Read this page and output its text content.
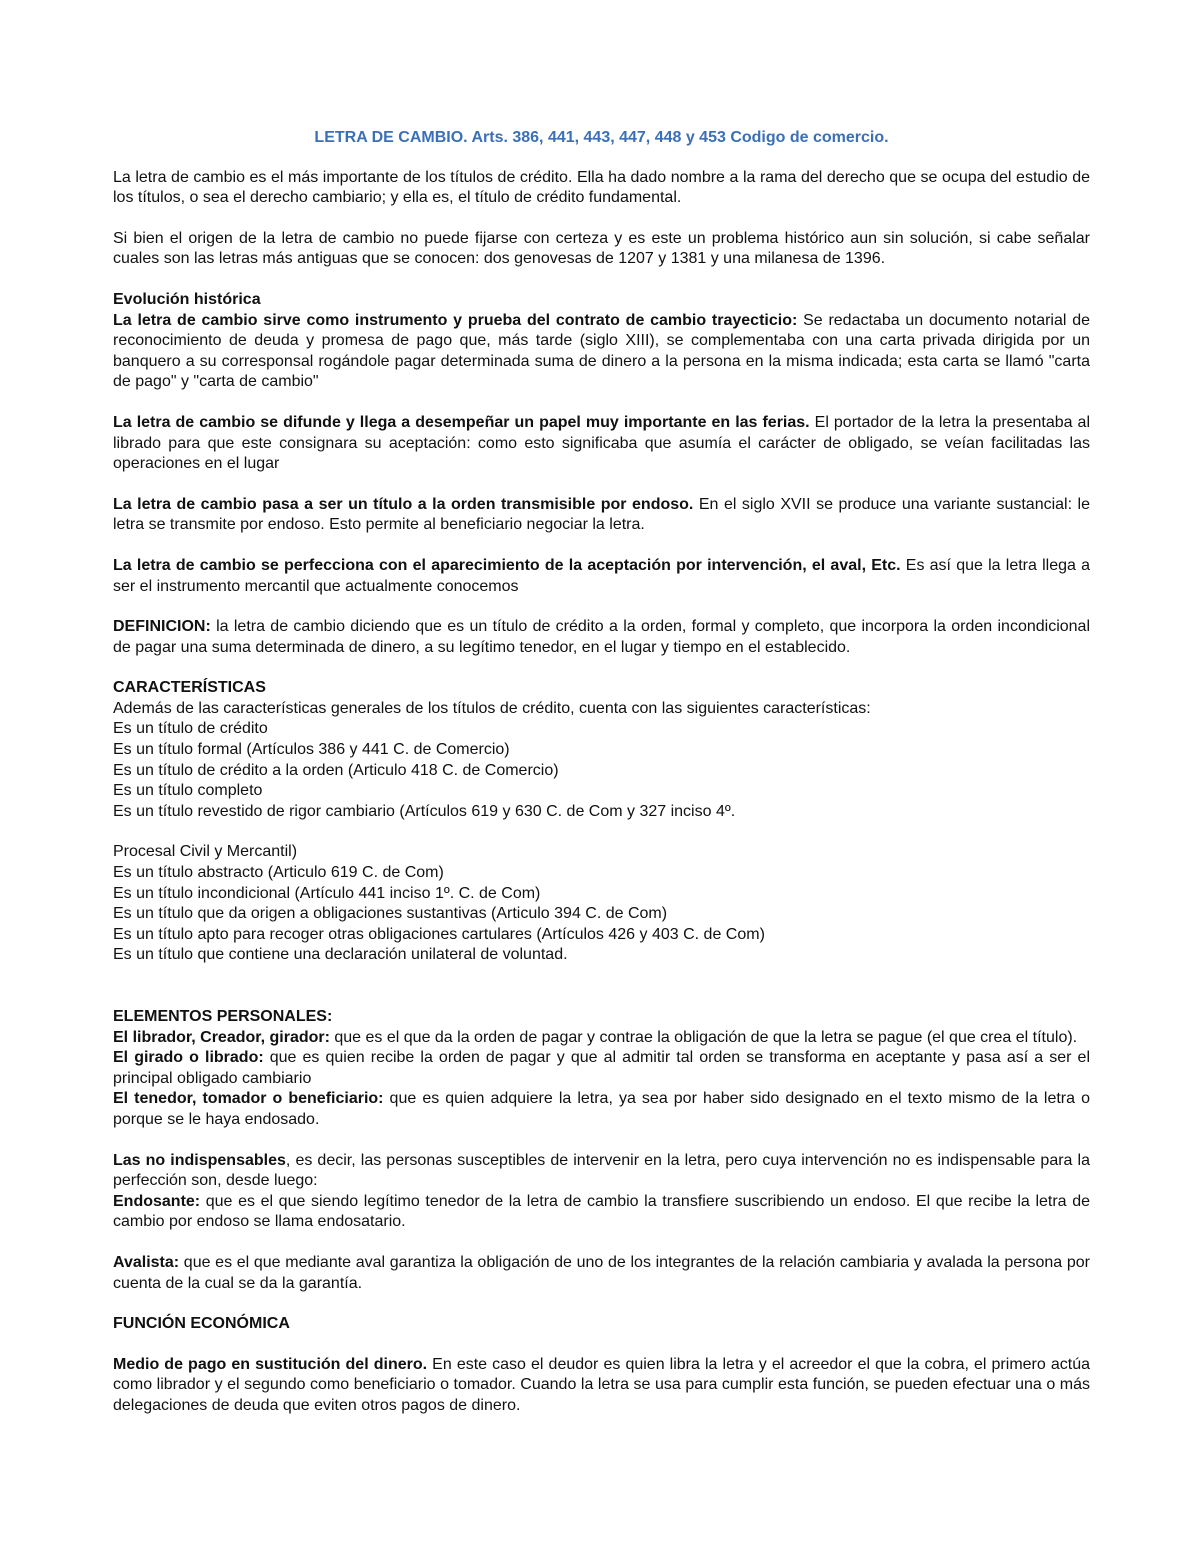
LETRA DE CAMBIO. Arts. 386, 441, 443, 447, 448 y 453 Codigo de comercio.

La letra de cambio es el más importante de los títulos de crédito. Ella ha dado nombre a la rama del derecho que se ocupa del estudio de los títulos, o sea el derecho cambiario; y ella es, el título de crédito fundamental.

Si bien el origen de la letra de cambio no puede fijarse con certeza y es este un problema histórico aun sin solución, si cabe señalar cuales son las letras más antiguas que se conocen: dos genovesas de 1207 y 1381 y una milanesa de 1396.

Evolución histórica

La letra de cambio sirve como instrumento y prueba del contrato de cambio trayecticio: Se redactaba un documento notarial de reconocimiento de deuda y promesa de pago que, más tarde (siglo XIII), se complementaba con una carta privada dirigida por un banquero a su corresponsal rogándole pagar determinada suma de dinero a la persona en la misma indicada; esta carta se llamó "carta de pago" y "carta de cambio"

La letra de cambio se difunde y llega a desempeñar un papel muy importante en las ferias. El portador de la letra la presentaba al librado para que este consignara su aceptación: como esto significaba que asumía el carácter de obligado, se veían facilitadas las operaciones en el lugar

La letra de cambio pasa a ser un título a la orden transmisible por endoso. En el siglo XVII se produce una variante sustancial: le letra se transmite por endoso. Esto permite al beneficiario negociar la letra.

La letra de cambio se perfecciona con el aparecimiento de la aceptación por intervención, el aval, Etc. Es así que la letra llega a ser el instrumento mercantil que actualmente conocemos

DEFINICION: la letra de cambio diciendo que es un título de crédito a la orden, formal y completo, que incorpora la orden incondicional de pagar una suma determinada de dinero, a su legítimo tenedor, en el lugar y tiempo en el establecido.

CARACTERÍSTICAS
Además de las características generales de los títulos de crédito, cuenta con las siguientes características:
Es un título de crédito
Es un título formal (Artículos 386 y 441 C. de Comercio)
Es un título de crédito a la orden (Articulo 418 C. de Comercio)
Es un título completo
Es un título revestido de rigor cambiario (Artículos 619 y 630 C. de Com y 327 inciso 4º.
Procesal Civil y Mercantil)
Es un título abstracto (Articulo 619 C. de Com)
Es un título incondicional (Artículo 441 inciso 1º. C. de Com)
Es un título que da origen a obligaciones sustantivas (Articulo 394 C. de Com)
Es un título apto para recoger otras obligaciones cartulares (Artículos 426 y 403 C. de Com)
Es un título que contiene una declaración unilateral de voluntad.
ELEMENTOS PERSONALES:

El librador, Creador, girador: que es el que da la orden de pagar y contrae la obligación de que la letra se pague (el que crea el título).

El girado o librado: que es quien recibe la orden de pagar y que al admitir tal orden se transforma en aceptante y pasa así a ser el principal obligado cambiario

El tenedor, tomador o beneficiario: que es quien adquiere la letra, ya sea por haber sido designado en el texto mismo de la letra o porque se le haya endosado.

Las no indispensables, es decir, las personas susceptibles de intervenir en la letra, pero cuya intervención no es indispensable para la perfección son, desde luego:

Endosante: que es el que siendo legítimo tenedor de la letra de cambio la transfiere suscribiendo un endoso. El que recibe la letra de cambio por endoso se llama endosatario.

Avalista: que es el que mediante aval garantiza la obligación de uno de los integrantes de la relación cambiaria y avalada la persona por cuenta de la cual se da la garantía.

FUNCIÓN ECONÓMICA

Medio de pago en sustitución del dinero. En este caso el deudor es quien libra la letra y el acreedor el que la cobra, el primero actúa como librador y el segundo como beneficiario o tomador. Cuando la letra se usa para cumplir esta función, se pueden efectuar una o más delegaciones de deuda que eviten otros pagos de dinero.
